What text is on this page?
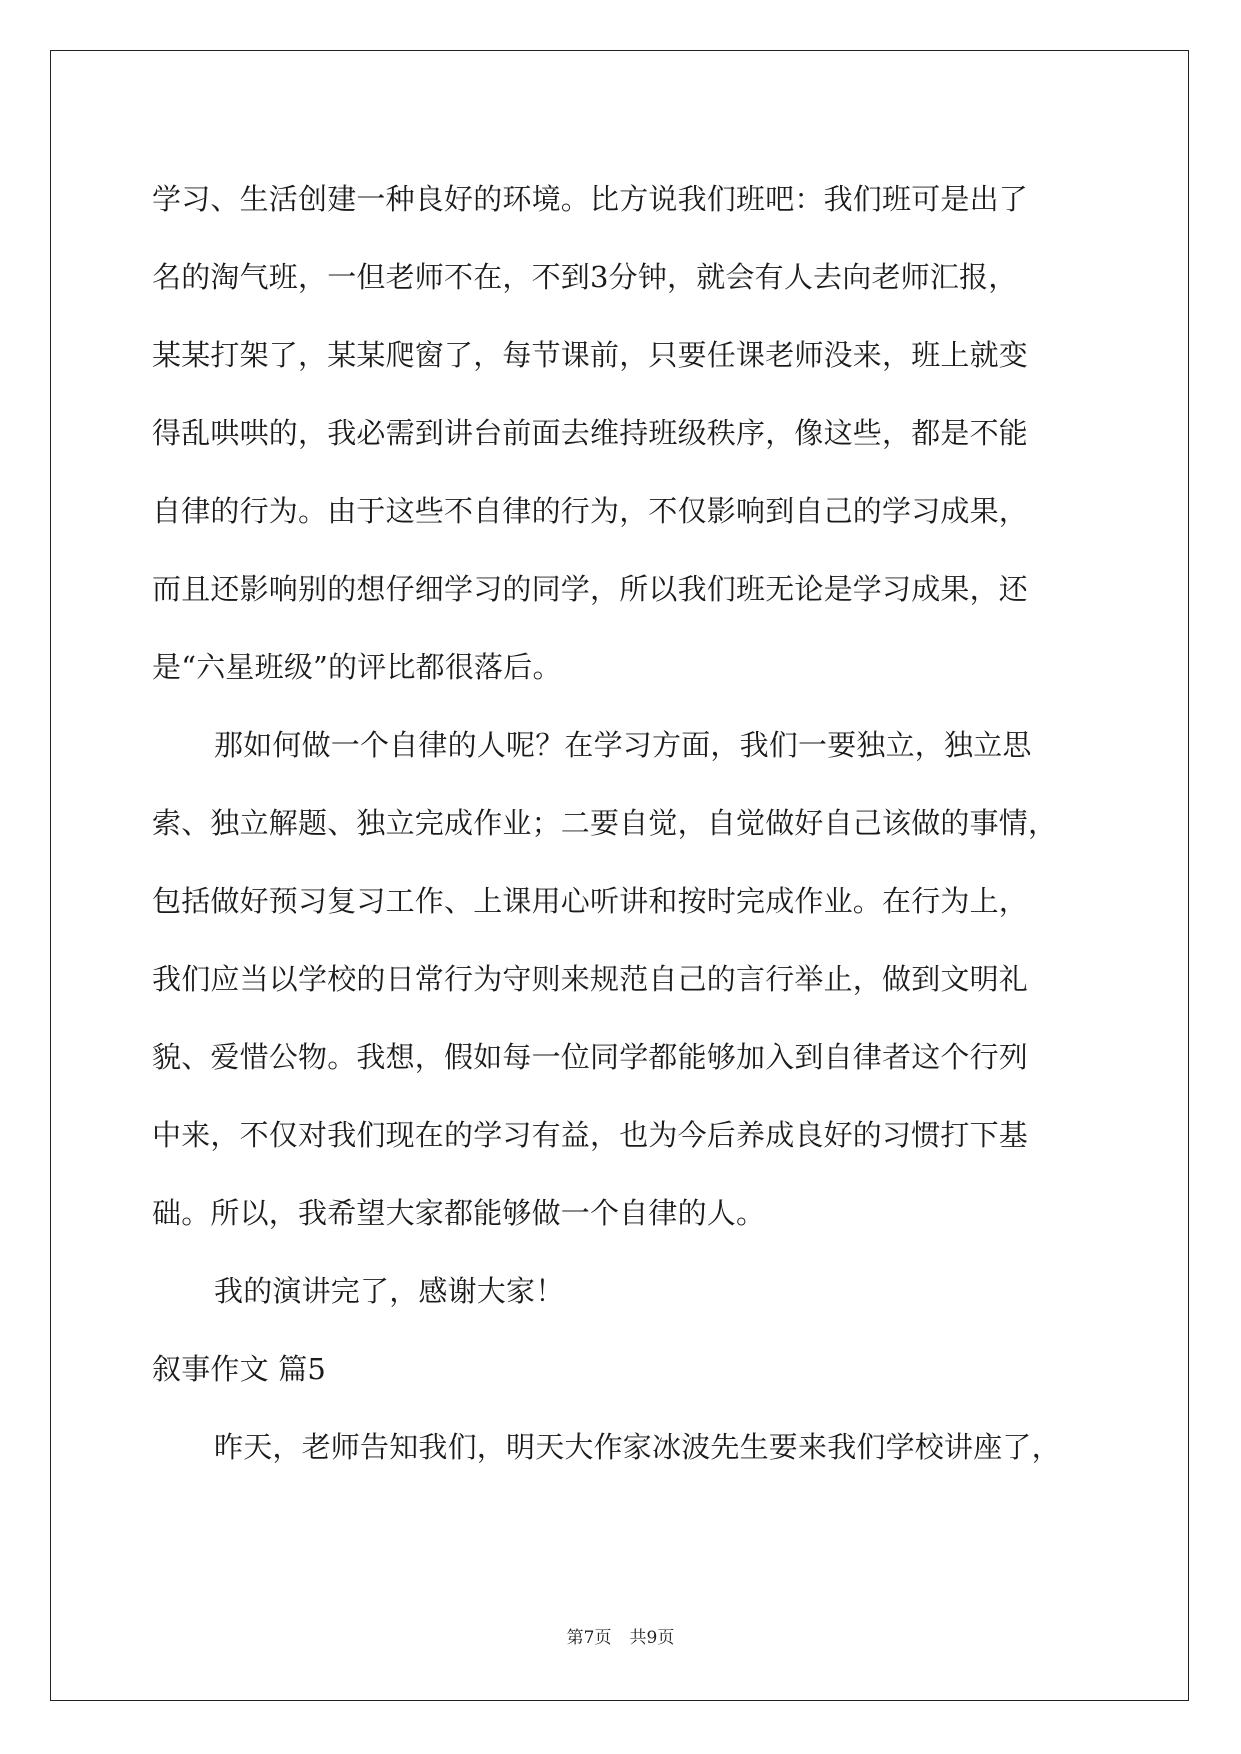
学习、生活创建一种良好的环境。比方说我们班吧：我们班可是出了
名的淘气班，一但老师不在，不到3分钟，就会有人去向老师汇报，
某某打架了，某某爬窗了，每节课前，只要任课老师没来，班上就变
得乱哄哄的，我必需到讲台前面去维持班级秩序，像这些，都是不能
自律的行为。由于这些不自律的行为，不仅影响到自己的学习成果，
而且还影响别的想仔细学习的同学，所以我们班无论是学习成果，还
是“六星班级”的评比都很落后。
那如何做一个自律的人呢？在学习方面，我们一要独立，独立思
索、独立解题、独立完成作业；二要自觉，自觉做好自己该做的事情，
包括做好预习复习工作、上课用心听讲和按时完成作业。在行为上，
我们应当以学校的日常行为守则来规范自己的言行举止，做到文明礼
貌、爱惜公物。我想，假如每一位同学都能够加入到自律者这个行列
中来，不仅对我们现在的学习有益，也为今后养成良好的习惯打下基
础。所以，我希望大家都能够做一个自律的人。
我的演讲完了，感谢大家！
叙事作文 篇5
昨天，老师告知我们，明天大作家冰波先生要来我们学校讲座了，
第7页 共9页
